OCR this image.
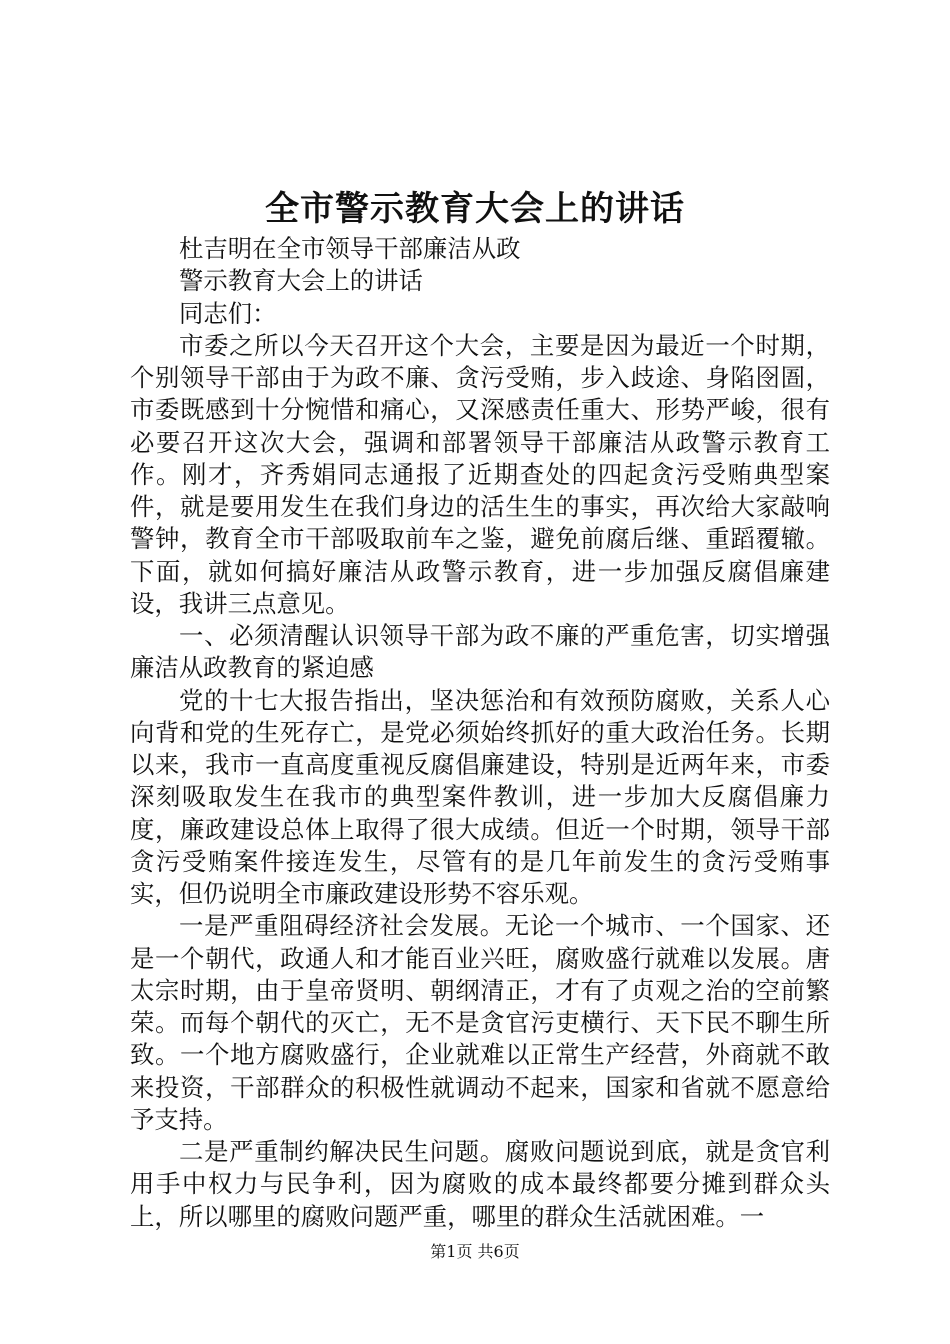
全市警示教育大会上的讲话

杜吉明在全市领导干部廉洁从政

警示教育大会上的讲话

同志们：

市委之所以今天召开这个大会，主要是因为最近一个时期，个别领导干部由于为政不廉、贪污受贿，步入歧途、身陷囹圄，市委既感到十分惋惜和痛心，又深感责任重大、形势严峻，很有必要召开这次大会，强调和部署领导干部廉洁从政警示教育工作。刚才，齐秀娟同志通报了近期查处的四起贪污受贿典型案件，就是要用发生在我们身边的活生生的事实，再次给大家敲响警钟，教育全市干部吸取前车之鉴，避免前腐后继、重蹈覆辙。下面，就如何搞好廉洁从政警示教育，进一步加强反腐倡廉建设，我讲三点意见。

一、必须清醒认识领导干部为政不廉的严重危害，切实增强廉洁从政教育的紧迫感

党的十七大报告指出，坚决惩治和有效预防腐败，关系人心向背和党的生死存亡，是党必须始终抓好的重大政治任务。长期以来，我市一直高度重视反腐倡廉建设，特别是近两年来，市委深刻吸取发生在我市的典型案件教训，进一步加大反腐倡廉力度，廉政建设总体上取得了很大成绩。但近一个时期，领导干部贪污受贿案件接连发生，尽管有的是几年前发生的贪污受贿事实，但仍说明全市廉政建设形势不容乐观。

一是严重阻碍经济社会发展。无论一个城市、一个国家、还是一个朝代，政通人和才能百业兴旺，腐败盛行就难以发展。唐太宗时期，由于皇帝贤明、朝纲清正，才有了贞观之治的空前繁荣。而每个朝代的灭亡，无不是贪官污吏横行、天下民不聊生所致。一个地方腐败盛行，企业就难以正常生产经营，外商就不敢来投资，干部群众的积极性就调动不起来，国家和省就不愿意给予支持。

二是严重制约解决民生问题。腐败问题说到底，就是贪官利用手中权力与民争利，因为腐败的成本最终都要分摊到群众头上，所以哪里的腐败问题严重，哪里的群众生活就困难。一

第1页 共6页
